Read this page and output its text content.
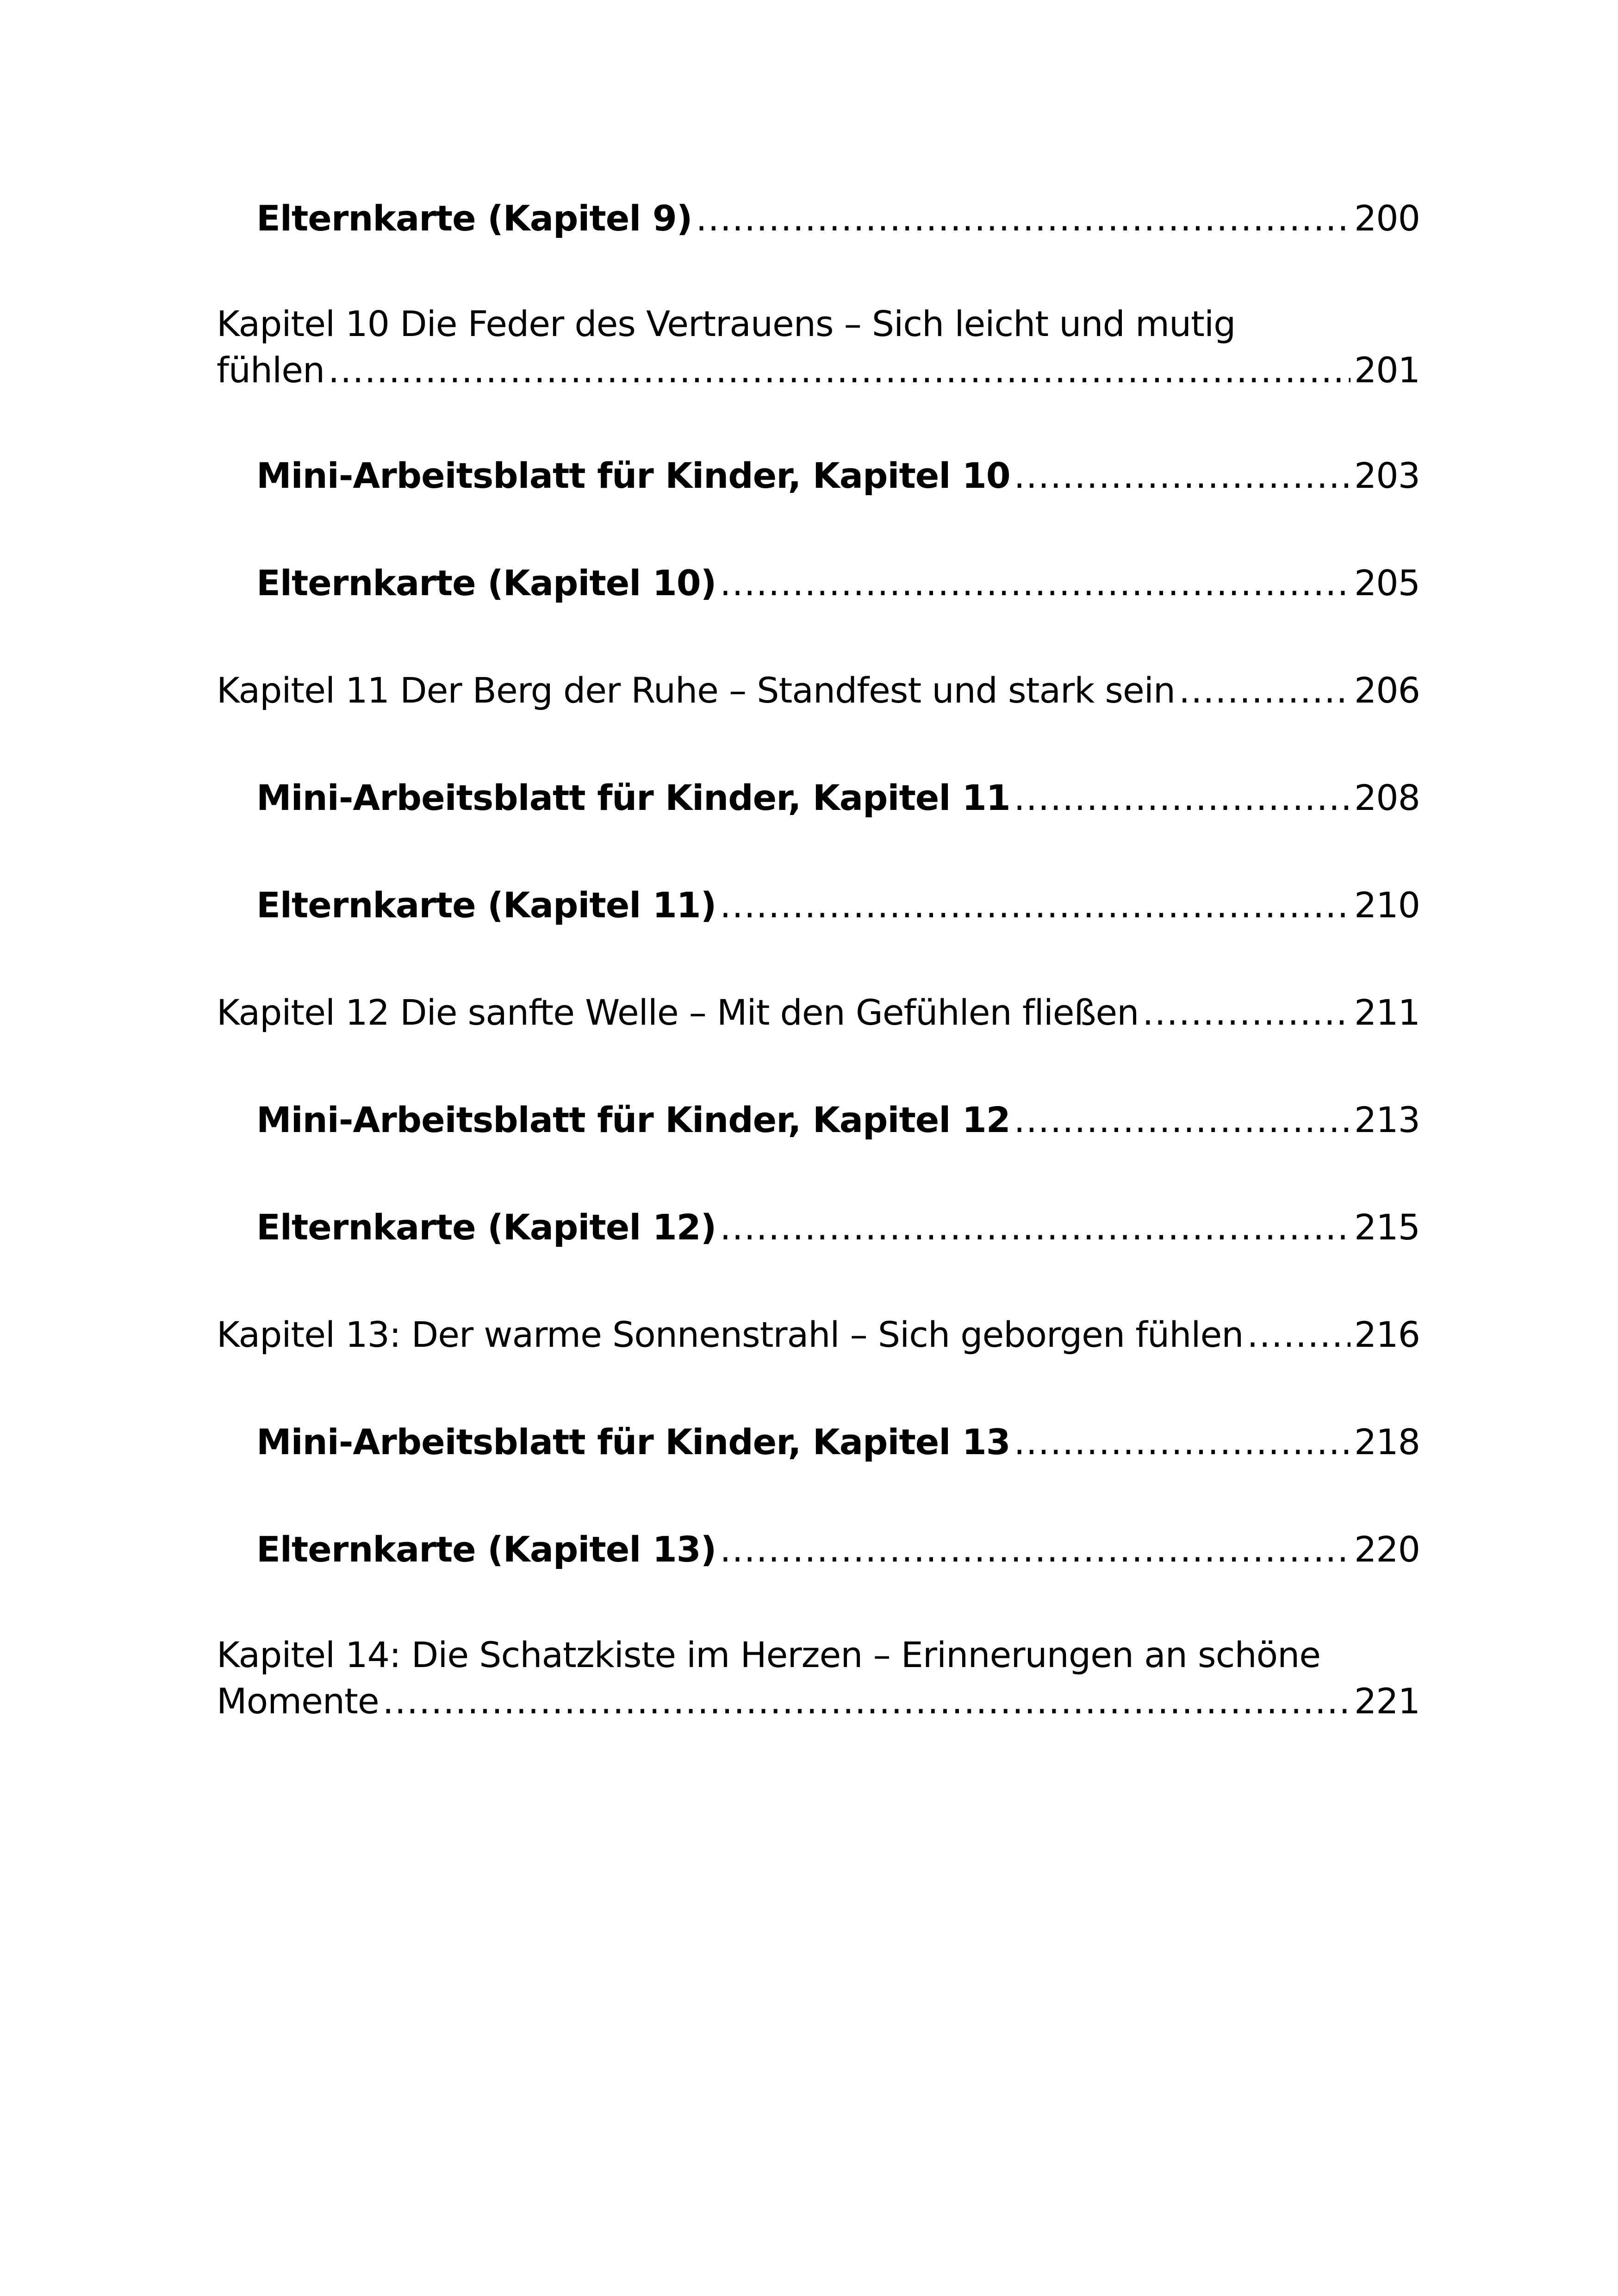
Elternkarte (Kapitel 9) .....	200
Kapitel 10 Die Feder des Vertrauens – Sich leicht und mutig
fühlen .....	201
Mini-Arbeitsblatt für Kinder, Kapitel 10 .....	203
Elternkarte (Kapitel 10) .....	205
Kapitel 11 Der Berg der Ruhe – Standfest und stark sein .....	206
Mini-Arbeitsblatt für Kinder, Kapitel 11 .....	208
Elternkarte (Kapitel 11) .....	210
Kapitel 12 Die sanfte Welle – Mit den Gefühlen fließen .....	211
Mini-Arbeitsblatt für Kinder, Kapitel 12 .....	213
Elternkarte (Kapitel 12) .....	215
Kapitel 13: Der warme Sonnenstrahl – Sich geborgen fühlen .....	216
Mini-Arbeitsblatt für Kinder, Kapitel 13 .....	218
Elternkarte (Kapitel 13) .....	220
Kapitel 14: Die Schatzkiste im Herzen – Erinnerungen an schöne
Momente .....	221
